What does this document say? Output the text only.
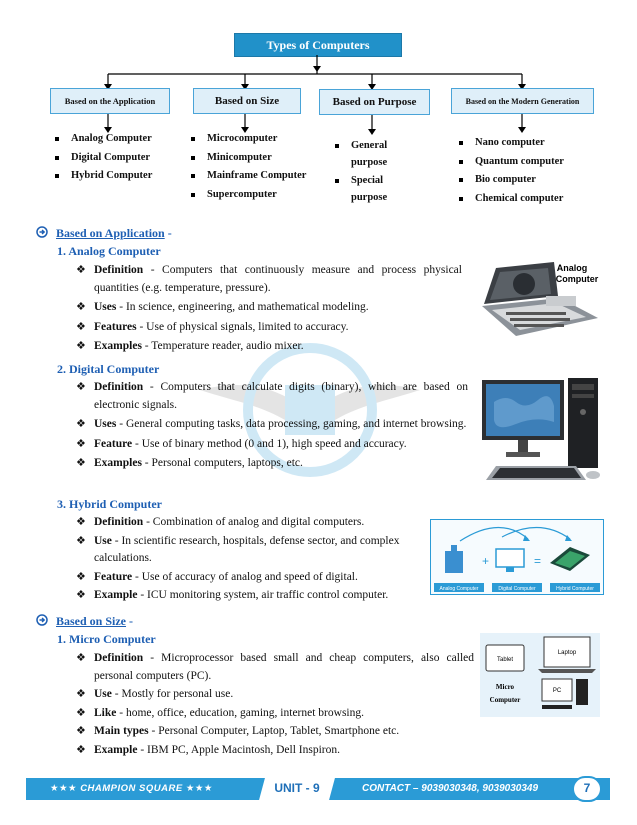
Types of Computers
Based on the Application	Based on Size	Based on Purpose	Based on the Modern Generation
Analog Computer
Digital Computer
Hybrid Computer
Microcomputer
Minicomputer
Mainframe Computer
Supercomputer
General purpose
Special purpose
Nano computer
Quantum computer
Bio computer
Chemical computer
Based on Application -
1. Analog Computer
❖ Definition - Computers that continuously measure and process physical quantities (e.g. temperature, pressure).
❖ Uses - In science, engineering, and mathematical modeling.
❖ Features - Use of physical signals, limited to accuracy.
❖ Examples - Temperature reader, audio mixer.
Analog
Computer
2. Digital Computer
❖ Definition - Computers that calculate digits (binary), which are based on electronic signals.
❖ Uses - General computing tasks, data processing, gaming, and internet browsing.
❖ Feature - Use of binary method (0 and 1), high speed and accuracy.
❖ Examples - Personal computers, laptops, etc.
3. Hybrid Computer
❖ Definition - Combination of analog and digital computers.
❖ Use - In scientific research, hospitals, defense sector, and complex calculations.
❖ Feature - Use of accuracy of analog and speed of digital.
❖ Example - ICU monitoring system, air traffic control computer.
+	=
Analog Computer	Digital Computer	Hybrid Computer
Based on Size -
1. Micro Computer
❖ Definition - Microprocessor based small and cheap computers, also called personal computers (PC).
❖ Use - Mostly for personal use.
❖ Like - home, office, education, gaming, internet browsing.
❖ Main types - Personal Computer, Laptop, Tablet, Smartphone etc.
❖ Example - IBM PC, Apple Macintosh, Dell Inspiron.
Tablet
Laptop
Micro
Computer
PC
★★★ CHAMPION SQUARE ★★★	UNIT - 9	CONTACT – 9039030348, 9039030349	7
